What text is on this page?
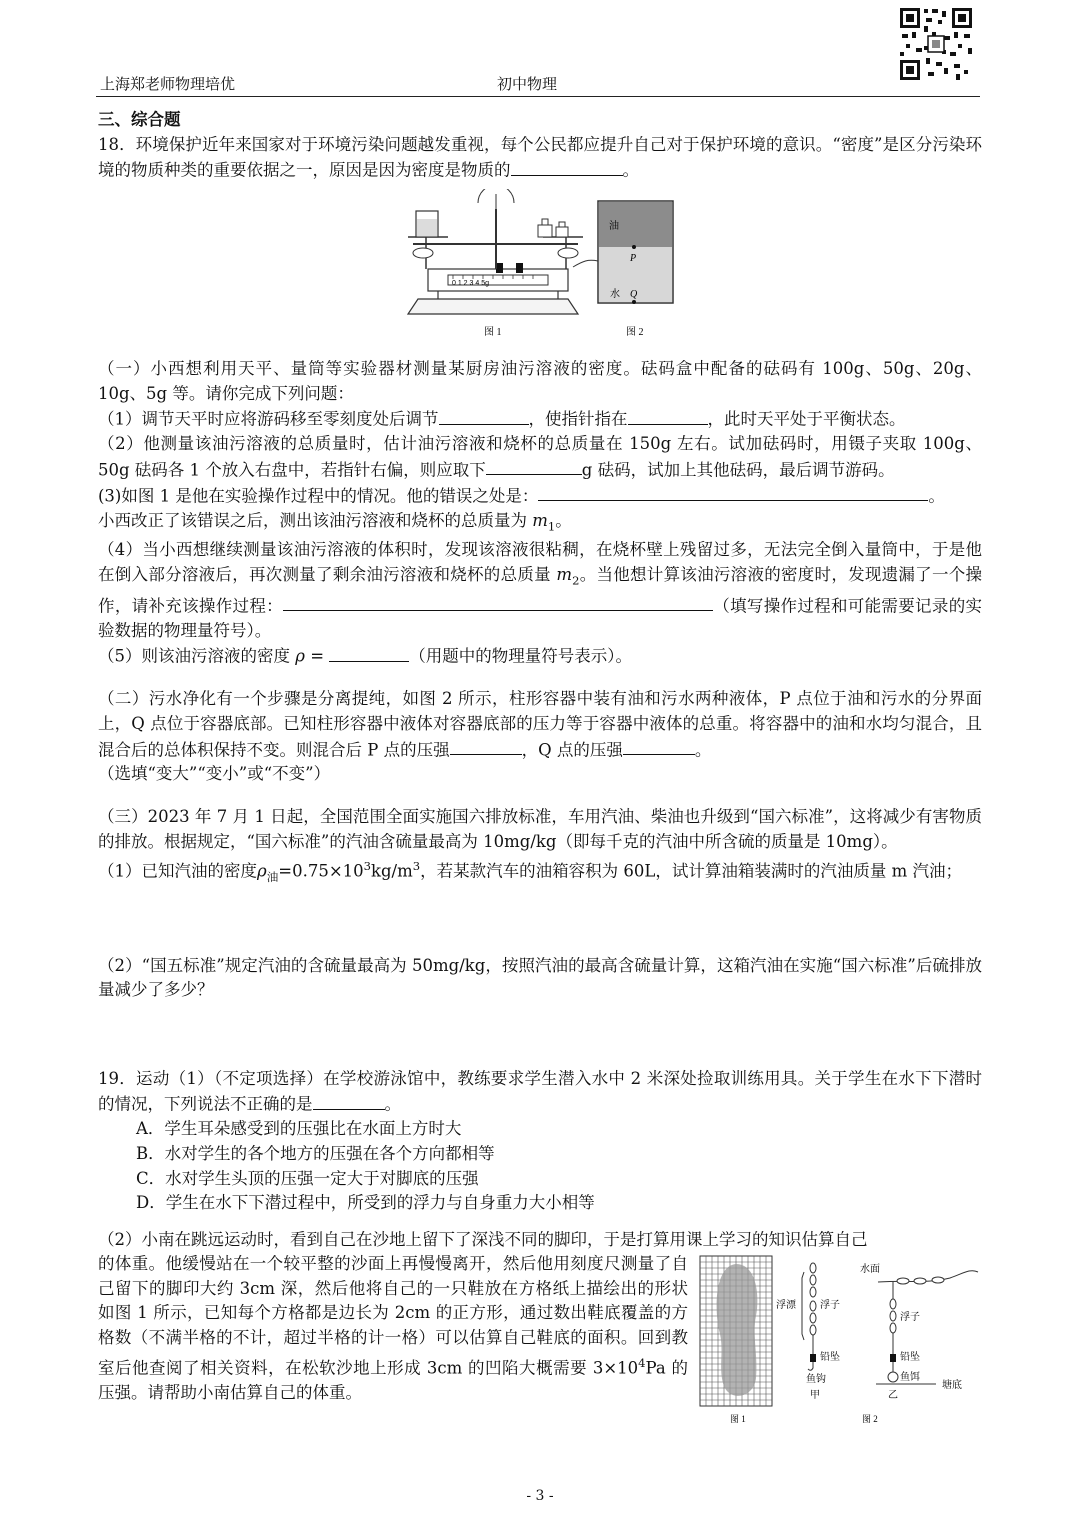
上海郑老师物理培优	初中物理

三、综合题

18．环境保护近年来国家对于环境污染问题越发重视，每个公民都应提升自己对于保护环境的意识。“密度”是区分污染环境的物质种类的重要依据之一，原因是因为密度是物质的	。

0 1 2 3 4 5g
图 1
油
P
水 Q
图 2

（一）小西想利用天平、量筒等实验器材测量某厨房油污溶液的密度。砝码盒中配备的砝码有 100g、50g、20g、10g、5g 等。请你完成下列问题：

（1）调节天平时应将游码移至零刻度处后调节	，使指针指在	，此时天平处于平衡状态。

（2）他测量该油污溶液的总质量时，估计油污溶液和烧杯的总质量在 150g 左右。试加砝码时，用镊子夹取 100g、50g 砝码各 1 个放入右盘中，若指针右偏，则应取下	g 砝码，试加上其他砝码，最后调节游码。

(3)如图 1 是他在实验操作过程中的情况。他的错误之处是：	。

小西改正了该错误之后，测出该油污溶液和烧杯的总质量为 $m_1$。

（4）当小西想继续测量该油污溶液的体积时，发现该溶液很粘稠，在烧杯壁上残留过多，无法完全倒入量筒中，于是他在倒入部分溶液后，再次测量了剩余油污溶液和烧杯的总质量 $m_2$。当他想计算该油污溶液的密度时，发现遗漏了一个操作，请补充该操作过程：	（填写操作过程和可能需要记录的实验数据的物理量符号）。

（5）则该油污溶液的密度 ρ =	（用题中的物理量符号表示）。

（二）污水净化有一个步骤是分离提纯，如图 2 所示，柱形容器中装有油和污水两种液体，P 点位于油和污水的分界面上，Q 点位于容器底部。已知柱形容器中液体对容器底部的压力等于容器中液体的总重。将容器中的油和水均匀混合，且混合后的总体积保持不变。则混合后 P 点的压强	，Q 点的压强	。

（选填“变大”“变小”或“不变”）

（三）2023 年 7 月 1 日起，全国范围全面实施国六排放标准，车用汽油、柴油也升级到“国六标准”，这将减少有害物质的排放。根据规定，“国六标准”的汽油含硫量最高为 10mg/kg（即每千克的汽油中所含硫的质量是 10mg）。

（1）已知汽油的密度$\rho_油=0.75\times 10^3kg/m^3$，若某款汽车的油箱容积为 60L，试计算油箱装满时的汽油质量 m 汽油；

（2）“国五标准”规定汽油的含硫量最高为 50mg/kg，按照汽油的最高含硫量计算，这箱汽油在实施“国六标准”后硫排放量减少了多少？

19．运动（1）（不定项选择）在学校游泳馆中，教练要求学生潜入水中 2 米深处捡取训练用具。关于学生在水下下潜时的情况，下列说法不正确的是	。

A．学生耳朵感受到的压强比在水面上方时大

B．水对学生的各个地方的压强在各个方向都相等

C．水对学生头顶的压强一定大于对脚底的压强

D．学生在水下下潜过程中，所受到的浮力与自身重力大小相等

（2）小南在跳远运动时，看到自己在沙地上留下了深浅不同的脚印，于是打算用课上学习的知识估算自己

的体重。他缓慢站在一个较平整的沙面上再慢慢离开，然后他用刻度尺测量了自己留下的脚印大约 3cm 深，然后他将自己的一只鞋放在方格纸上描绘出的形状如图 1 所示，已知每个方格都是边长为 2cm 的正方形，通过数出鞋底覆盖的方格数（不满半格的不计，超过半格的计一格）可以估算自己鞋底的面积。回到教室后他查阅了相关资料，在松软沙地上形成 3cm 的凹陷大概需要 $3\times 10^4Pa$ 的压强。请帮助小南估算自己的体重。

图 1
浮漂 浮子
铅坠
鱼钩
甲
水面
浮子
铅坠
鱼饵
乙
塘底
图 2
- 3 -
